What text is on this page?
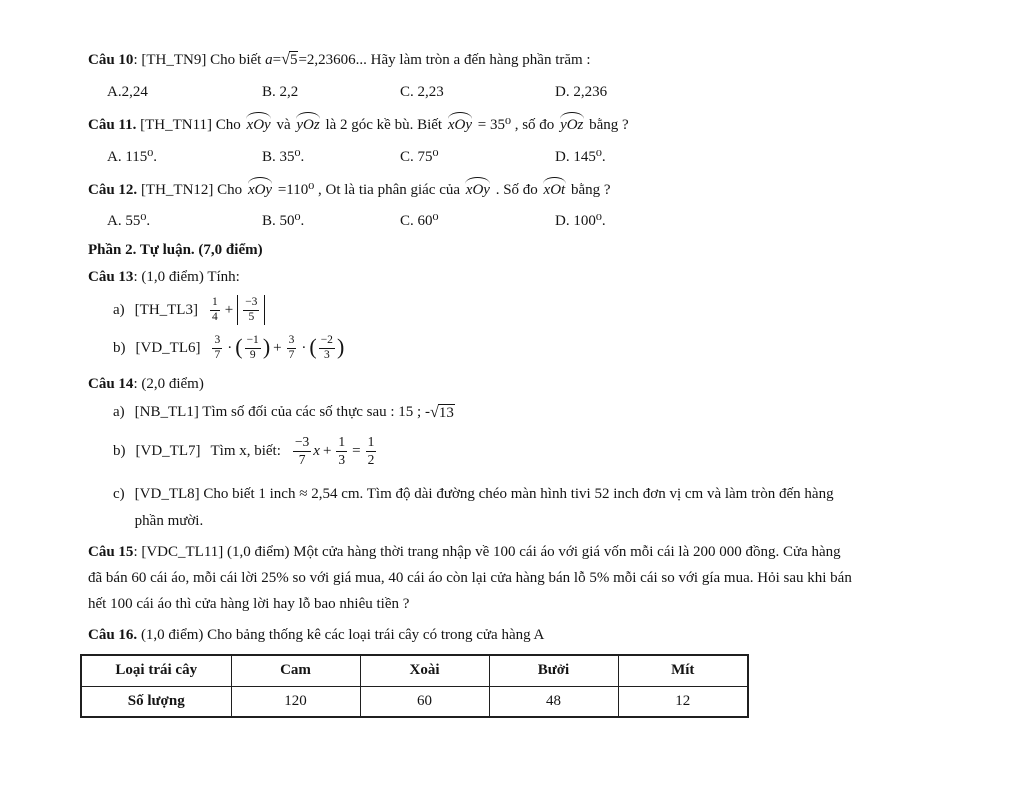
Câu 10: [TH_TN9] Cho biết a=√5=2,23606... Hãy làm tròn a đến hàng phần trăm :
A.2,24	B. 2,2	C. 2,23	D. 2,236
Câu 11. [TH_TN11] Cho xOy và yOz là 2 góc kề bù. Biết xOy = 35⁰ , số đo yOz bằng ?
A. 115⁰.	B. 35⁰.	C. 75⁰	D. 145⁰.
Câu 12. [TH_TN12] Cho xOy =110⁰ , Ot là tia phân giác của xOy . Số đo xOt bằng ?
A. 55⁰.	B. 50⁰.	C. 60⁰	D. 100⁰.
Phần 2. Tự luận. (7,0 điểm)
Câu 13: (1,0 điểm) Tính:
a) [TH_TL3] $\frac{1}{4} + \frac{-3}{5}$
b) [VD_TL6] $\frac{3}{7}$ · ( $\frac{-1}{9}$ ) + $\frac{3}{7}$ · ( $\frac{-2}{3}$ )
Câu 14: (2,0 điểm)
a) [NB_TL1] Tìm số đối của các số thực sau : 15 ; - √13
b) [VD_TL7] Tìm x, biết: $\frac{-3}{7}$ $x + \frac{1}{3} = \frac{1}{2}$
c) [VD_TL8] Cho biết 1 inch ≈ 2,54 cm. Tìm độ dài đường chéo màn hình tivi 52 inch đơn vị cm và làm tròn đến hàng
phần mười.
Câu 15: [VDC_TL11] (1,0 điểm) Một cửa hàng thời trang nhập về 100 cái áo với giá vốn mỗi cái là 200 000 đồng. Cửa hàng
đã bán 60 cái áo, mỗi cái lời 25% so với giá mua, 40 cái áo còn lại cửa hàng bán lỗ 5% mỗi cái so với gía mua. Hỏi sau khi bán
hết 100 cái áo thì cửa hàng lời hay lỗ bao nhiêu tiền ?
Câu 16. (1,0 điểm) Cho bảng thống kê các loại trái cây có trong cửa hàng A
Loại trái cây	Cam	Xoài	Bưởi	Mít
Số lượng	120	60	48	12
